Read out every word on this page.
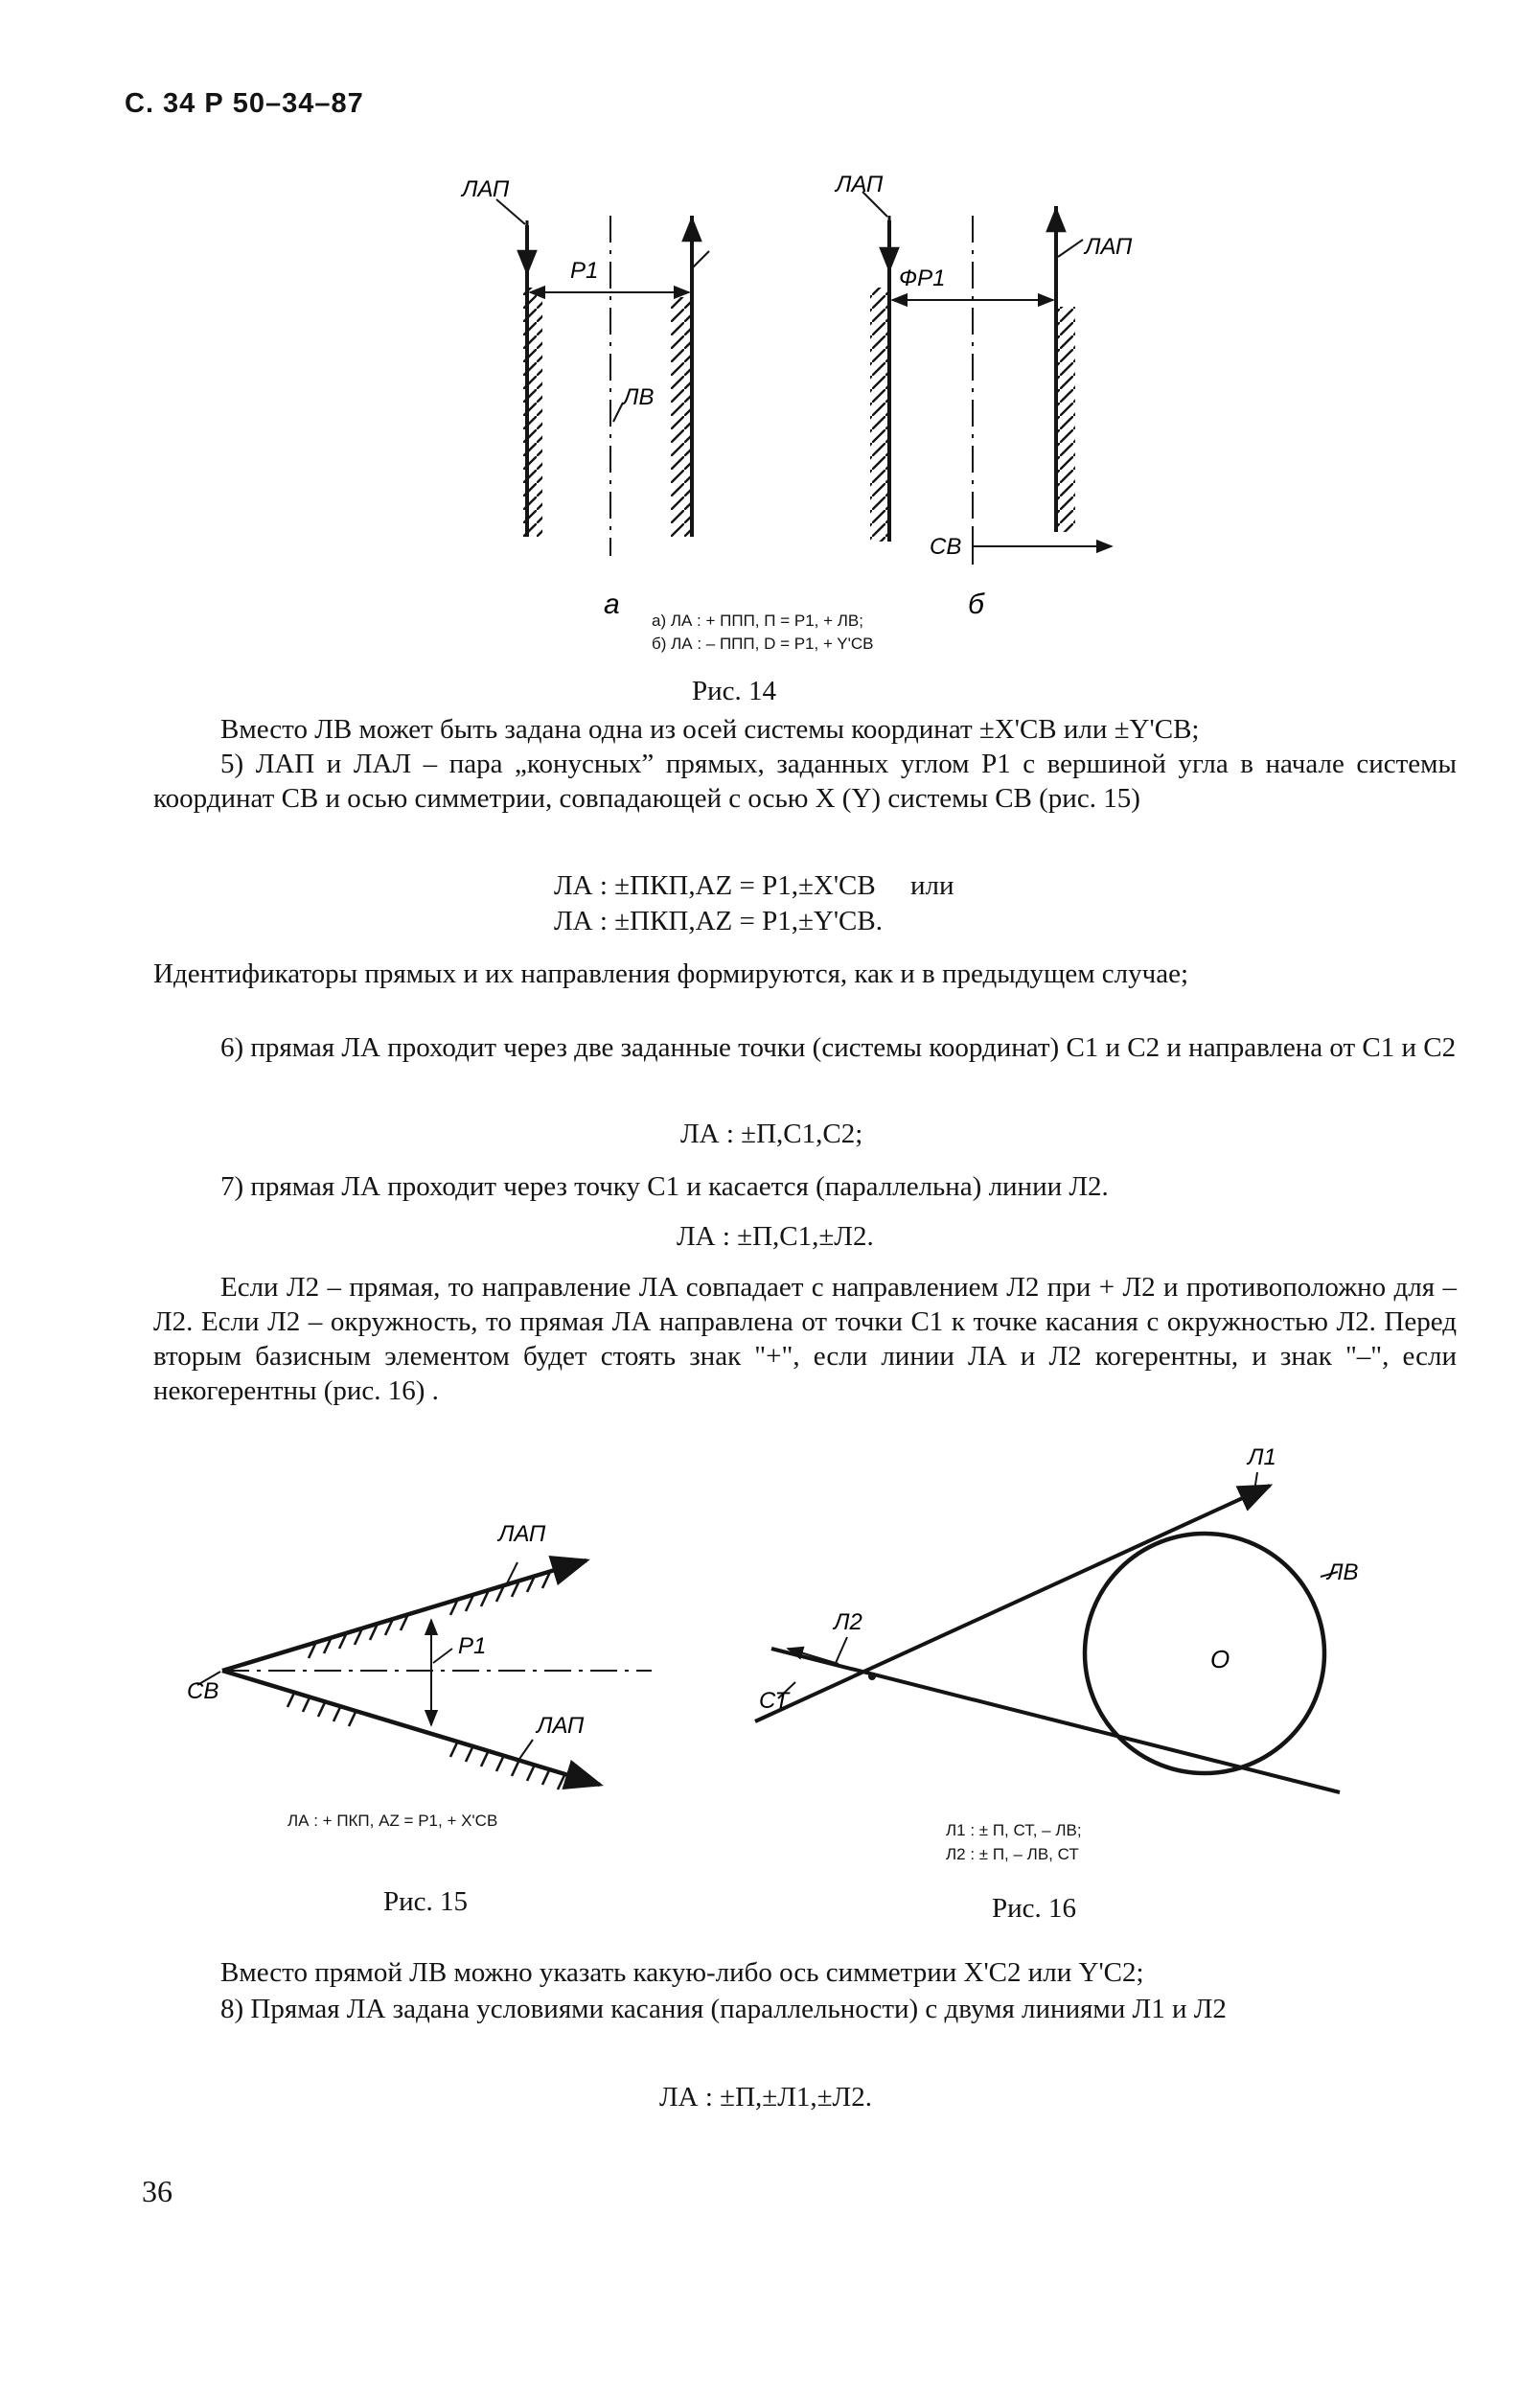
С. 34 Р 50–34–87
ЛАП
P1
ЛВ
а
ЛАП
ЛАП
ФP1
СВ
б
а) ЛА : + ППП, П = P1, + ЛВ;
б) ЛА : – ППП, D = P1, + Y'СВ
Рис. 14

Вместо ЛВ может быть задана одна из осей системы координат ±X'СВ или ±Y'СВ;

5) ЛАП и ЛАЛ – пара „конусных” прямых, заданных углом P1 с вершиной угла в начале системы координат СВ и осью симметрии, совпадающей с осью X (Y) системы СВ (рис. 15)

ЛА : ±ПКП,AZ = P1,±X'СВ     или
ЛА : ±ПКП,AZ = P1,±Y'СВ.

Идентификаторы прямых и их направления формируются, как и в предыдущем случае;

6) прямая ЛА проходит через две заданные точки (системы координат) С1 и С2 и направлена от С1 и С2

ЛА : ±П,С1,С2;

7) прямая ЛА проходит через точку С1 и касается (параллельна) линии Л2.

ЛА : ±П,С1,±Л2.

Если Л2 – прямая, то направление ЛА совпадает с направлением Л2 при + Л2 и противоположно для – Л2. Если Л2 – окружность, то прямая ЛА направлена от точки С1 к точке касания с окружностью Л2. Перед вторым базисным элементом будет стоять знак "+", если линии ЛА и Л2 когерентны, и знак "–", если некогерентны (рис. 16) .

ЛАП
ЛАП
P1
СВ
ЛА : + ПКП, AZ = P1, + X'СВ
Рис. 15
Л1
ЛВ
Л2
О
СТ
Л1 : ± П, СТ, – ЛВ;
Л2 : ± П, – ЛВ, СТ
Рис. 16

Вместо прямой ЛВ можно указать какую-либо ось симметрии X'С2 или Y'С2;

8) Прямая ЛА задана условиями касания (параллельности) с двумя линиями Л1 и Л2

ЛА : ±П,±Л1,±Л2.
36
